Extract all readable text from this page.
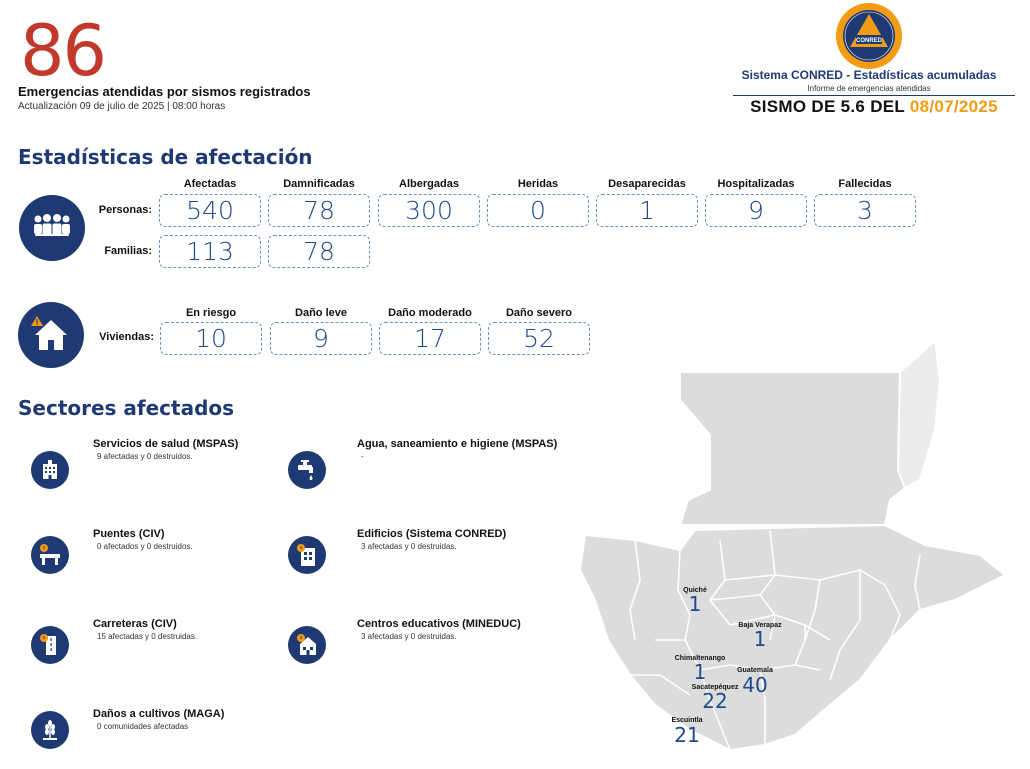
86
Emergencias atendidas por sismos registrados
Actualización 09 de julio de 2025 | 08:00 horas
CONRED
Sistema CONRED - Estadísticas acumuladas
Informe de emergencias atendidas
SISMO DE 5.6 DEL 08/07/2025
Estadísticas de afectación
Afectadas	Damnificadas	Albergadas	Heridas	Desaparecidas	Hospitalizadas	Fallecidas
Personas:	540	78	300	0	1	9	3
Familias:	113	78
En riesgo	Daño leve	Daño moderado	Daño severo
Viviendas:	10	9	17	52
Quiché
1
Baja Verapaz
1
Chimaltenango
1	Guatemala
40
Sacatepéquez
22
Escuintla
21
Sectores afectados
Servicios de salud (MSPAS)
9 afectadas y 0 destruidos.
Agua, saneamiento e higiene (MSPAS)
-
Puentes (CIV)
0 afectados y 0 destruidos.
Edificios (Sistema CONRED)
3 afectadas y 0 destruidas.
Carreteras (CIV)
15 afectadas y 0 destruidas.
Centros educativos (MINEDUC)
3 afectadas y 0 destruidas.
Daños a cultivos (MAGA)
0 comunidades afectadas
